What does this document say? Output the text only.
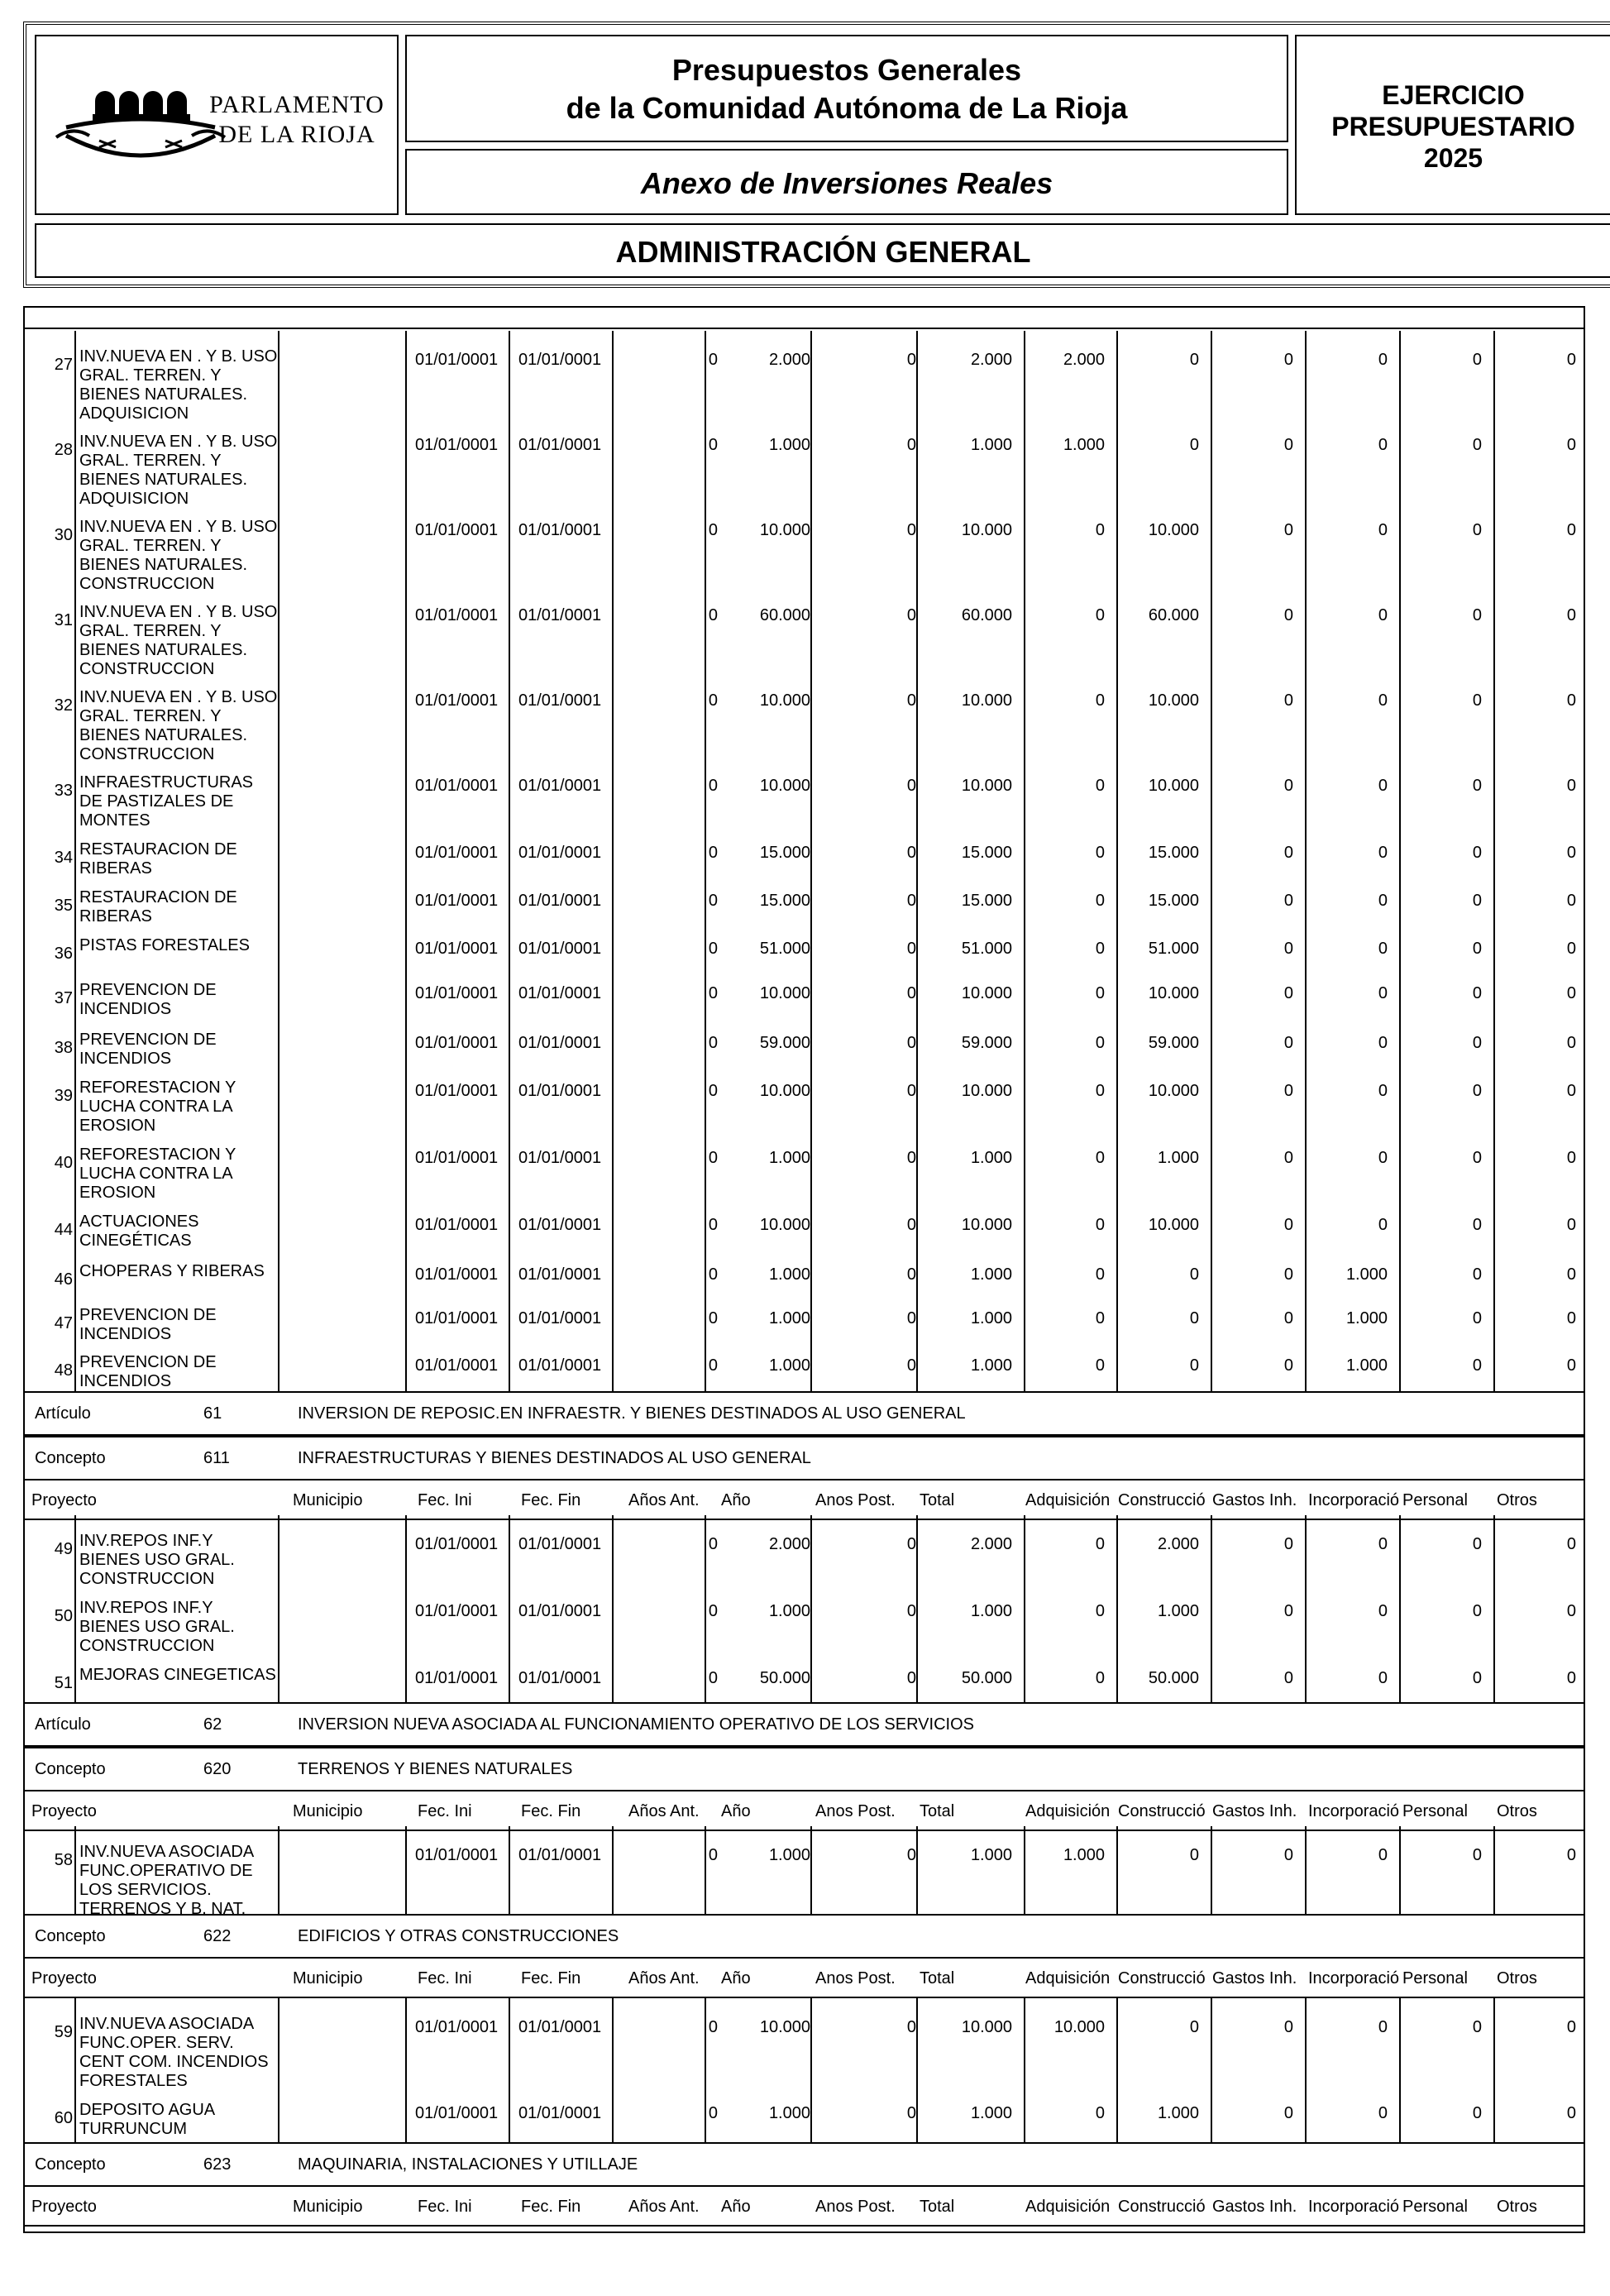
PARLAMENTO
DE LA RIOJA
Presupuestos Generales
de la Comunidad Autónoma de La Rioja
Anexo de Inversiones Reales
EJERCICIO
PRESUPUESTARIO
2025
ADMINISTRACIÓN GENERAL
27 INV.NUEVA EN . Y B. USO GRAL. TERREN. Y BIENES NATURALES. ADQUISICION
01/01/0001 01/01/0001	0	2.000	0	2.000	2.000	0	0	0	0	0
28 INV.NUEVA EN . Y B. USO GRAL. TERREN. Y BIENES NATURALES. ADQUISICION
01/01/0001 01/01/0001	0	1.000	0	1.000	1.000	0	0	0	0	0
30 INV.NUEVA EN . Y B. USO GRAL. TERREN. Y BIENES NATURALES. CONSTRUCCION
01/01/0001 01/01/0001	0	10.000	0	10.000	0	10.000	0	0	0	0
31 INV.NUEVA EN . Y B. USO GRAL. TERREN. Y BIENES NATURALES. CONSTRUCCION
01/01/0001 01/01/0001	0	60.000	0	60.000	0	60.000	0	0	0	0
32 INV.NUEVA EN . Y B. USO GRAL. TERREN. Y BIENES NATURALES. CONSTRUCCION
01/01/0001 01/01/0001	0	10.000	0	10.000	0	10.000	0	0	0	0
33 INFRAESTRUCTURAS DE PASTIZALES DE MONTES
01/01/0001 01/01/0001	0	10.000	0	10.000	0	10.000	0	0	0	0
34 RESTAURACION DE RIBERAS
01/01/0001 01/01/0001	0	15.000	0	15.000	0	15.000	0	0	0	0
35 RESTAURACION DE RIBERAS
01/01/0001 01/01/0001	0	15.000	0	15.000	0	15.000	0	0	0	0
36 PISTAS FORESTALES	01/01/0001 01/01/0001	0	51.000	0	51.000	0	51.000	0	0	0	0
37 PREVENCION DE INCENDIOS
01/01/0001 01/01/0001	0	10.000	0	10.000	0	10.000	0	0	0	0
38 PREVENCION DE INCENDIOS
01/01/0001 01/01/0001	0	59.000	0	59.000	0	59.000	0	0	0	0
39 REFORESTACION Y LUCHA CONTRA LA EROSION
01/01/0001 01/01/0001	0	10.000	0	10.000	0	10.000	0	0	0	0
40 REFORESTACION Y LUCHA CONTRA LA EROSION
01/01/0001 01/01/0001	0	1.000	0	1.000	0	1.000	0	0	0	0
44 ACTUACIONES CINEGÉTICAS
01/01/0001 01/01/0001	0	10.000	0	10.000	0	10.000	0	0	0	0
46 CHOPERAS Y RIBERAS	01/01/0001 01/01/0001	0	1.000	0	1.000	0	0	0	1.000	0	0
47 PREVENCION DE INCENDIOS
01/01/0001 01/01/0001	0	1.000	0	1.000	0	0	0	1.000	0	0
48 PREVENCION DE INCENDIOS
01/01/0001 01/01/0001	0	1.000	0	1.000	0	0	0	1.000	0	0
Artículo	61	INVERSION DE REPOSIC.EN INFRAESTR. Y BIENES DESTINADOS AL USO GENERAL
Concepto	611	INFRAESTRUCTURAS Y BIENES DESTINADOS AL USO GENERAL
Proyecto	Municipio	Fec. Ini	Fec. Fin	Años Ant.	Año	Anos Post.	Total	Adquisición Construcció Gastos Inh. Incorporació Personal	Otros
49 INV.REPOS INF.Y BIENES USO GRAL. CONSTRUCCION
01/01/0001 01/01/0001	0	2.000	0	2.000	0	2.000	0	0	0	0
50 INV.REPOS INF.Y BIENES USO GRAL. CONSTRUCCION
01/01/0001 01/01/0001	0	1.000	0	1.000	0	1.000	0	0	0	0
51 MEJORAS CINEGETICAS	01/01/0001 01/01/0001	0	50.000	0	50.000	0	50.000	0	0	0	0
Artículo	62	INVERSION NUEVA ASOCIADA AL FUNCIONAMIENTO OPERATIVO DE LOS SERVICIOS
Concepto	620	TERRENOS Y BIENES NATURALES
Proyecto	Municipio	Fec. Ini	Fec. Fin	Años Ant.	Año	Anos Post.	Total	Adquisición Construcció Gastos Inh. Incorporació Personal	Otros
58 INV.NUEVA ASOCIADA FUNC.OPERATIVO DE LOS SERVICIOS. TERRENOS Y B. NAT.
01/01/0001 01/01/0001	0	1.000	0	1.000	1.000	0	0	0	0	0
Concepto	622	EDIFICIOS Y OTRAS CONSTRUCCIONES
Proyecto	Municipio	Fec. Ini	Fec. Fin	Años Ant.	Año	Anos Post.	Total	Adquisición Construcció Gastos Inh. Incorporació Personal	Otros
59 INV.NUEVA ASOCIADA FUNC.OPER. SERV. CENT COM. INCENDIOS FORESTALES
01/01/0001 01/01/0001	0	10.000	0	10.000	10.000	0	0	0	0	0
60 DEPOSITO AGUA TURRUNCUM
01/01/0001 01/01/0001	0	1.000	0	1.000	0	1.000	0	0	0	0
Concepto	623	MAQUINARIA, INSTALACIONES Y UTILLAJE
Proyecto	Municipio	Fec. Ini	Fec. Fin	Años Ant.	Año	Anos Post.	Total	Adquisición Construcció Gastos Inh. Incorporació Personal	Otros
